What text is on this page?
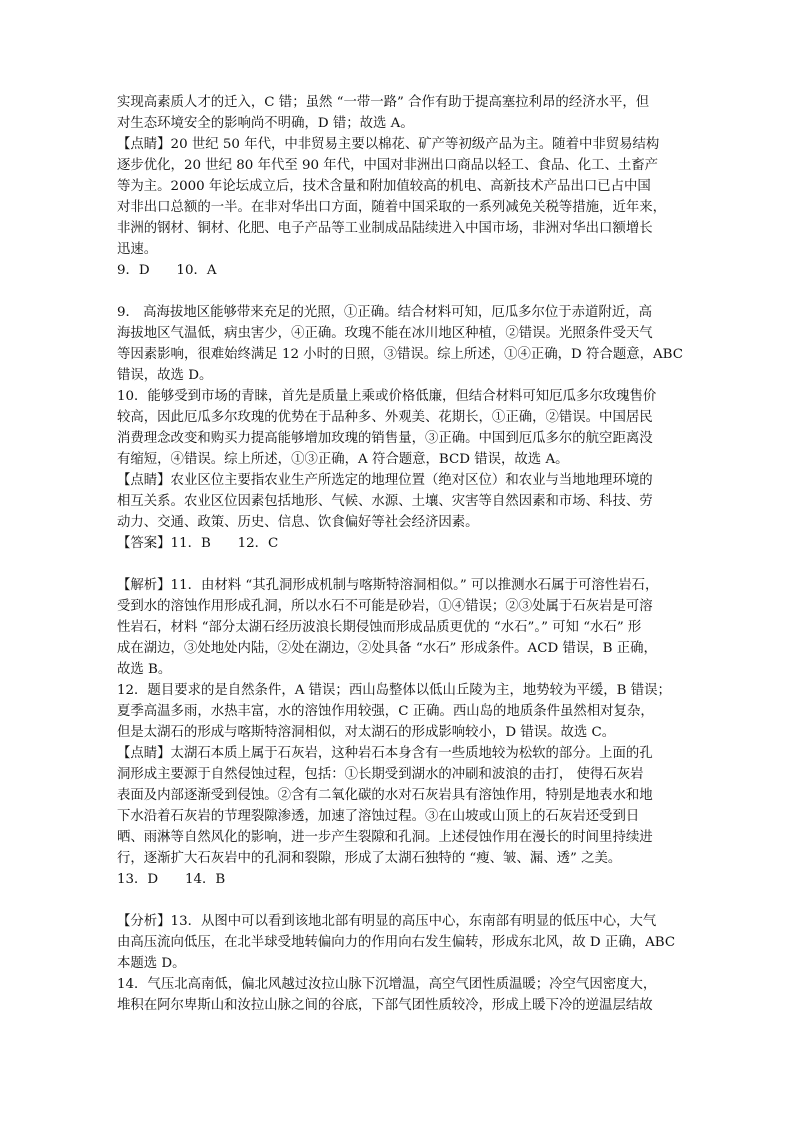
实现高素质人才的迁入，C 错；虽然 “一带一路” 合作有助于提高塞拉利昂的经济水平，但
对生态环境安全的影响尚不明确，D 错；故选 A。
【点睛】20 世纪 50 年代，中非贸易主要以棉花、矿产等初级产品为主。随着中非贸易结构
逐步优化，20 世纪 80 年代至 90 年代，中国对非洲出口商品以轻工、食品、化工、土畜产
等为主。2000 年论坛成立后，技术含量和附加值较高的机电、高新技术产品出口已占中国
对非出口总额的一半。在非对华出口方面，随着中国采取的一系列减免关税等措施，近年来，
非洲的钢材、铜材、化肥、电子产品等工业制成品陆续进入中国市场，非洲对华出口额增长
迅速。
9．D　　10．A
9． 高海拔地区能够带来充足的光照，①正确。结合材料可知，厄瓜多尔位于赤道附近，高
海拔地区气温低，病虫害少，④正确。玫瑰不能在冰川地区种植，②错误。光照条件受天气
等因素影响，很难始终满足 12 小时的日照，③错误。综上所述，①④正确，D 符合题意，ABC
错误，故选 D。
10．能够受到市场的青睐，首先是质量上乘或价格低廉，但结合材料可知厄瓜多尔玫瑰售价
较高，因此厄瓜多尔玫瑰的优势在于品种多、外观美、花期长，①正确，②错误。中国居民
消费理念改变和购买力提高能够增加玫瑰的销售量，③正确。中国到厄瓜多尔的航空距离没
有缩短，④错误。综上所述，①③正确，A 符合题意，BCD 错误，故选 A。
【点睛】农业区位主要指农业生产所选定的地理位置（绝对区位）和农业与当地地理环境的
相互关系。农业区位因素包括地形、气候、水源、土壤、灾害等自然因素和市场、科技、劳
动力、交通、政策、历史、信息、饮食偏好等社会经济因素。
【答案】11．B　　12．C
【解析】11．由材料 “其孔洞形成机制与喀斯特溶洞相似。” 可以推测水石属于可溶性岩石，
受到水的溶蚀作用形成孔洞，所以水石不可能是砂岩，①④错误；②③处属于石灰岩是可溶
性岩石，材料 “部分太湖石经历波浪长期侵蚀而形成品质更优的 “水石”。” 可知 “水石” 形
成在湖边，③处地处内陆，②处在湖边，②处具备 “水石” 形成条件。ACD 错误，B 正确，
故选 B。
12．题目要求的是自然条件，A 错误；西山岛整体以低山丘陵为主，地势较为平缓，B 错误；
夏季高温多雨，水热丰富，水的溶蚀作用较强，C 正确。西山岛的地质条件虽然相对复杂，
但是太湖石的形成与喀斯特溶洞相似，对太湖石的形成影响较小，D 错误。故选 C。
【点睛】太湖石本质上属于石灰岩，这种岩石本身含有一些质地较为松软的部分。上面的孔
洞形成主要源于自然侵蚀过程，包括：①长期受到湖水的冲刷和波浪的击打， 使得石灰岩
表面及内部逐渐受到侵蚀。②含有二氧化碳的水对石灰岩具有溶蚀作用，特别是地表水和地
下水沿着石灰岩的节理裂隙渗透，加速了溶蚀过程。③在山坡或山顶上的石灰岩还受到日
晒、雨淋等自然风化的影响，进一步产生裂隙和孔洞。上述侵蚀作用在漫长的时间里持续进
行，逐渐扩大石灰岩中的孔洞和裂隙，形成了太湖石独特的 “瘦、皱、漏、透” 之美。
13．D　　14．B
【分析】13．从图中可以看到该地北部有明显的高压中心，东南部有明显的低压中心，大气
由高压流向低压，在北半球受地转偏向力的作用向右发生偏转，形成东北风，故 D 正确，ABC
本题选 D。
14．气压北高南低，偏北风越过汝拉山脉下沉增温，高空气团性质温暖；冷空气因密度大，
堆积在阿尔卑斯山和汝拉山脉之间的谷底，下部气团性质较冷，形成上暖下冷的逆温层结故
